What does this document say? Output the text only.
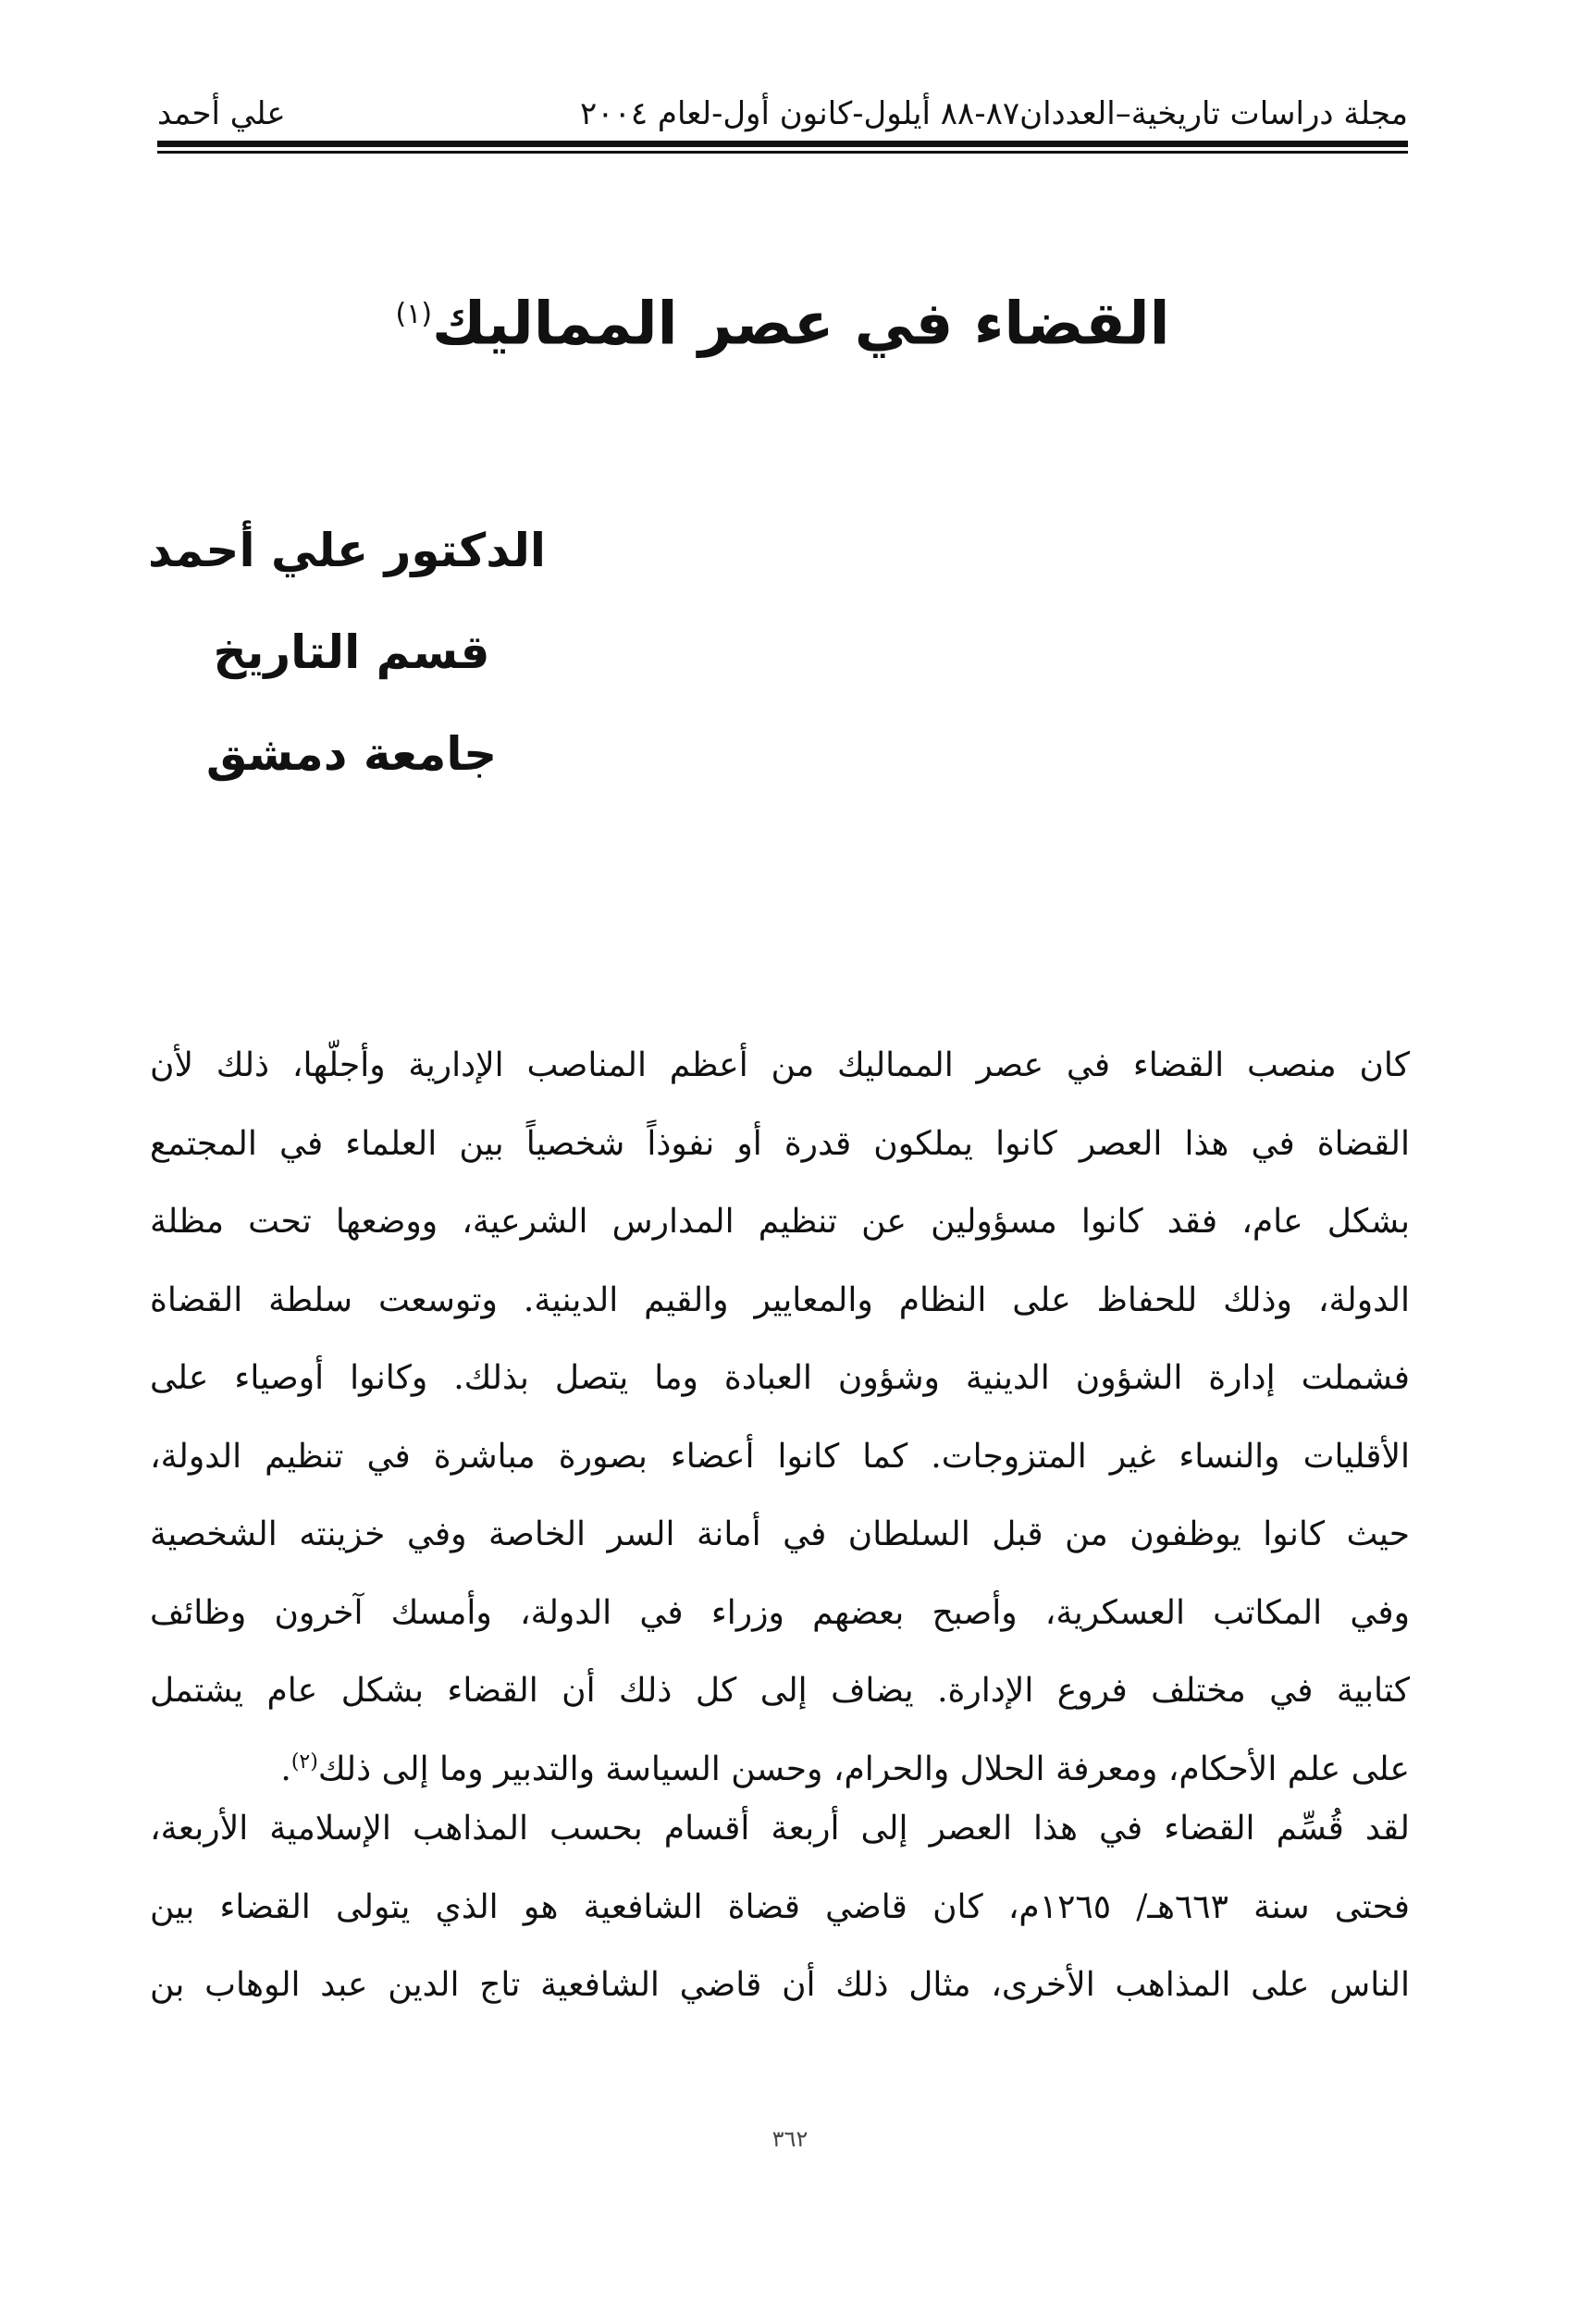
مجلة دراسات تاريخية–العددان٨٧-٨٨ أيلول-كانون أول-لعام ٢٠٠٤
علي أحمد
القضاء في عصر المماليك$^{(١)}$
الدكتور علي أحمد
قسم التاريخ
جامعة دمشق
كان منصب القضاء في عصر المماليك من أعظم المناصب الإدارية وأجلّها، ذلك لأن
القضاة في هذا العصر كانوا يملكون قدرة أو نفوذاً شخصياً بين العلماء في المجتمع
بشكل عام، فقد كانوا مسؤولين عن تنظيم المدارس الشرعية، ووضعها تحت مظلة
الدولة، وذلك للحفاظ على النظام والمعايير والقيم الدينية. وتوسعت سلطة القضاة
فشملت إدارة الشؤون الدينية وشؤون العبادة وما يتصل بذلك. وكانوا أوصياء على
الأقليات والنساء غير المتزوجات. كما كانوا أعضاء بصورة مباشرة في تنظيم الدولة،
حيث كانوا يوظفون من قبل السلطان في أمانة السر الخاصة وفي خزينته الشخصية
وفي المكاتب العسكرية، وأصبح بعضهم وزراء في الدولة، وأمسك آخرون وظائف
كتابية في مختلف فروع الإدارة. يضاف إلى كل ذلك أن القضاء بشكل عام يشتمل
على علم الأحكام، ومعرفة الحلال والحرام، وحسن السياسة والتدبير وما إلى ذلك$^{(٢)}$.
لقد قُسِّم القضاء في هذا العصر إلى أربعة أقسام بحسب المذاهب الإسلامية الأربعة،
فحتى سنة ٦٦٣هـ/ ١٢٦٥م، كان قاضي قضاة الشافعية هو الذي يتولى القضاء بين
الناس على المذاهب الأخرى، مثال ذلك أن قاضي الشافعية تاج الدين عبد الوهاب بن
٣٦٢
